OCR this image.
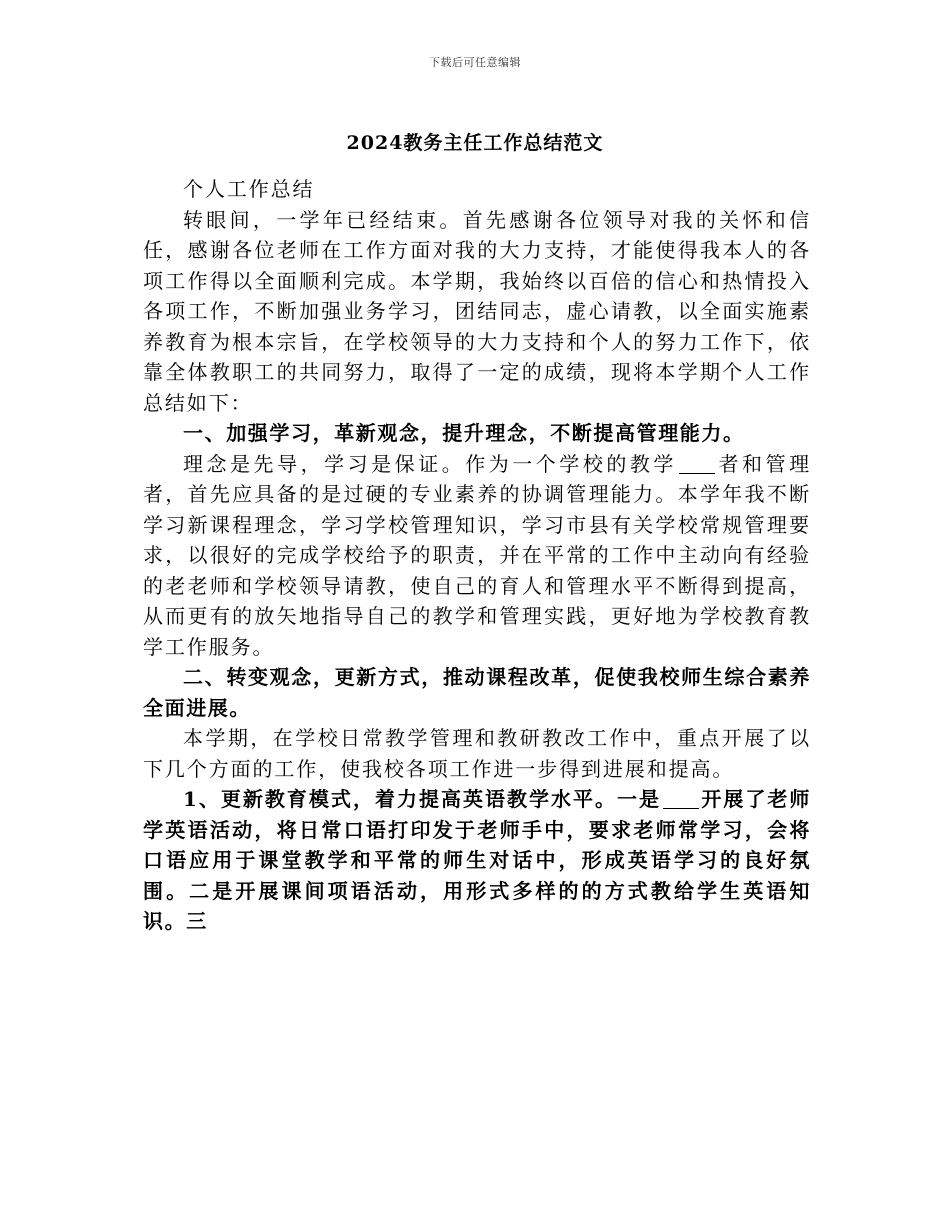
下载后可任意编辑
2024教务主任工作总结范文

个人工作总结

转眼间，一学年已经结束。首先感谢各位领导对我的关怀和信任，感谢各位老师在工作方面对我的大力支持，才能使得我本人的各项工作得以全面顺利完成。本学期，我始终以百倍的信心和热情投入各项工作，不断加强业务学习，团结同志，虚心请教，以全面实施素养教育为根本宗旨，在学校领导的大力支持和个人的努力工作下，依靠全体教职工的共同努力，取得了一定的成绩，现将本学期个人工作总结如下：

一、加强学习，革新观念，提升理念，不断提高管理能力。

理念是先导，学习是保证。作为一个学校的教学 者和管理者，首先应具备的是过硬的专业素养的协调管理能力。本学年我不断学习新课程理念，学习学校管理知识，学习市县有关学校常规管理要求，以很好的完成学校给予的职责，并在平常的工作中主动向有经验的老老师和学校领导请教，使自己的育人和管理水平不断得到提高，从而更有的放矢地指导自己的教学和管理实践，更好地为学校教育教学工作服务。

二、转变观念，更新方式，推动课程改革，促使我校师生综合素养全面进展。

本学期，在学校日常教学管理和教研教改工作中，重点开展了以下几个方面的工作，使我校各项工作进一步得到进展和提高。

1、更新教育模式，着力提高英语教学水平。一是 开展了老师学英语活动，将日常口语打印发于老师手中，要求老师常学习，会将口语应用于课堂教学和平常的师生对话中，形成英语学习的良好氛围。二是开展课间项语活动，用形式多样的的方式教给学生英语知识。三
